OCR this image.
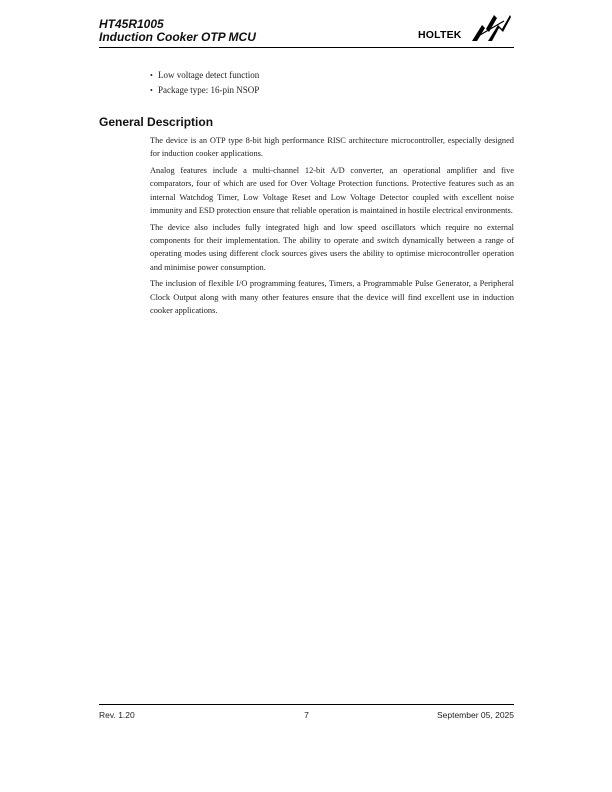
HT45R1005
Induction Cooker OTP MCU	HOLTEK
• Low voltage detect function
• Package type: 16-pin NSOP
General Description

The device is an OTP type 8-bit high performance RISC architecture microcontroller, especially designed for induction cooker applications.

Analog features include a multi-channel 12-bit A/D converter, an operational amplifier and five comparators, four of which are used for Over Voltage Protection functions. Protective features such as an internal Watchdog Timer, Low Voltage Reset and Low Voltage Detector coupled with excellent noise immunity and ESD protection ensure that reliable operation is maintained in hostile electrical environments.

The device also includes fully integrated high and low speed oscillators which require no external components for their implementation. The ability to operate and switch dynamically between a range of operating modes using different clock sources gives users the ability to optimise microcontroller operation and minimise power consumption.

The inclusion of flexible I/O programming features, Timers, a Programmable Pulse Generator, a Peripheral Clock Output along with many other features ensure that the device will find excellent use in induction cooker applications.

Rev. 1.20	7	September 05, 2025
